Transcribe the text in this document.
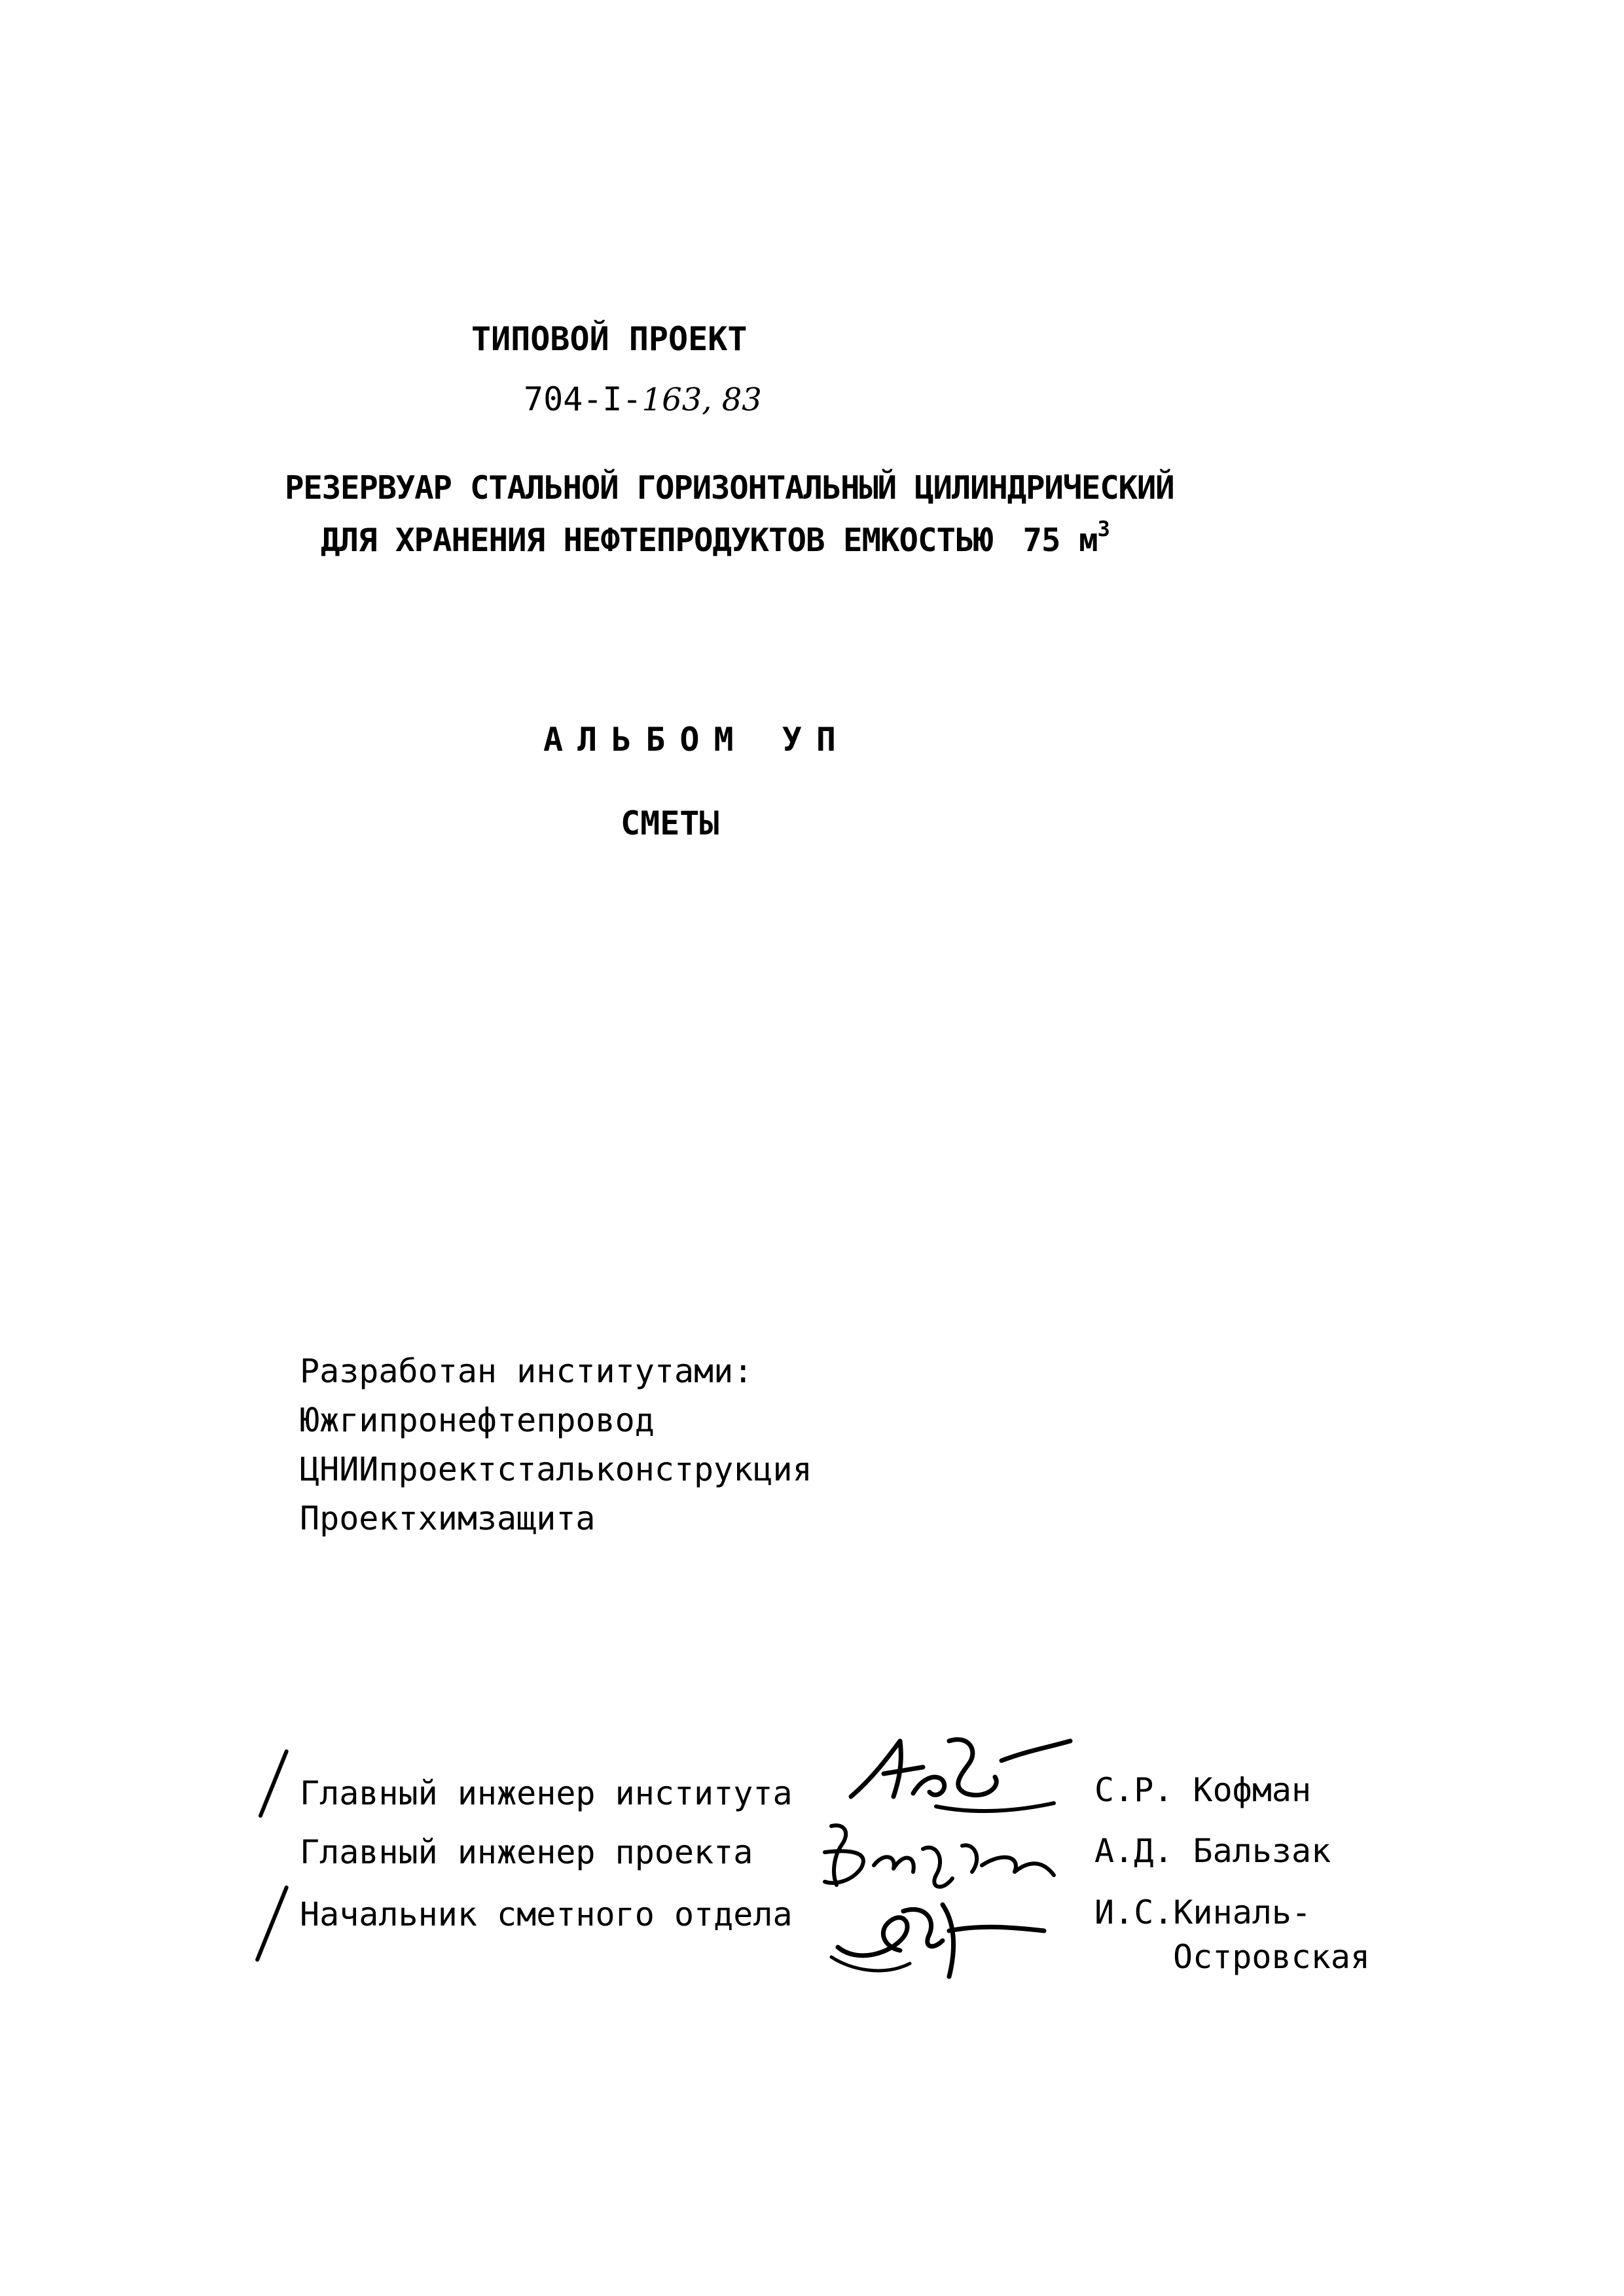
ТИПОВОЙ ПРОЕКТ
704-I-163, 83
РЕЗЕРВУАР СТАЛЬНОЙ ГОРИЗОНТАЛЬНЫЙ ЦИЛИНДРИЧЕСКИЙ
ДЛЯ ХРАНЕНИЯ НЕФТЕПРОДУКТОВ ЕМКОСТЬЮ 75 $м^3$
АЛЬБОМ УП
СМЕТЫ
Разработан институтами:
Южгипронефтепровод
ЦНИИпроектстальконструкция
Проектхимзащита
Главный инженер института
Главный инженер проекта
Начальник сметного отдела
С.Р. Кофман
А.Д. Бальзак
И.С.Киналь-
Островская
